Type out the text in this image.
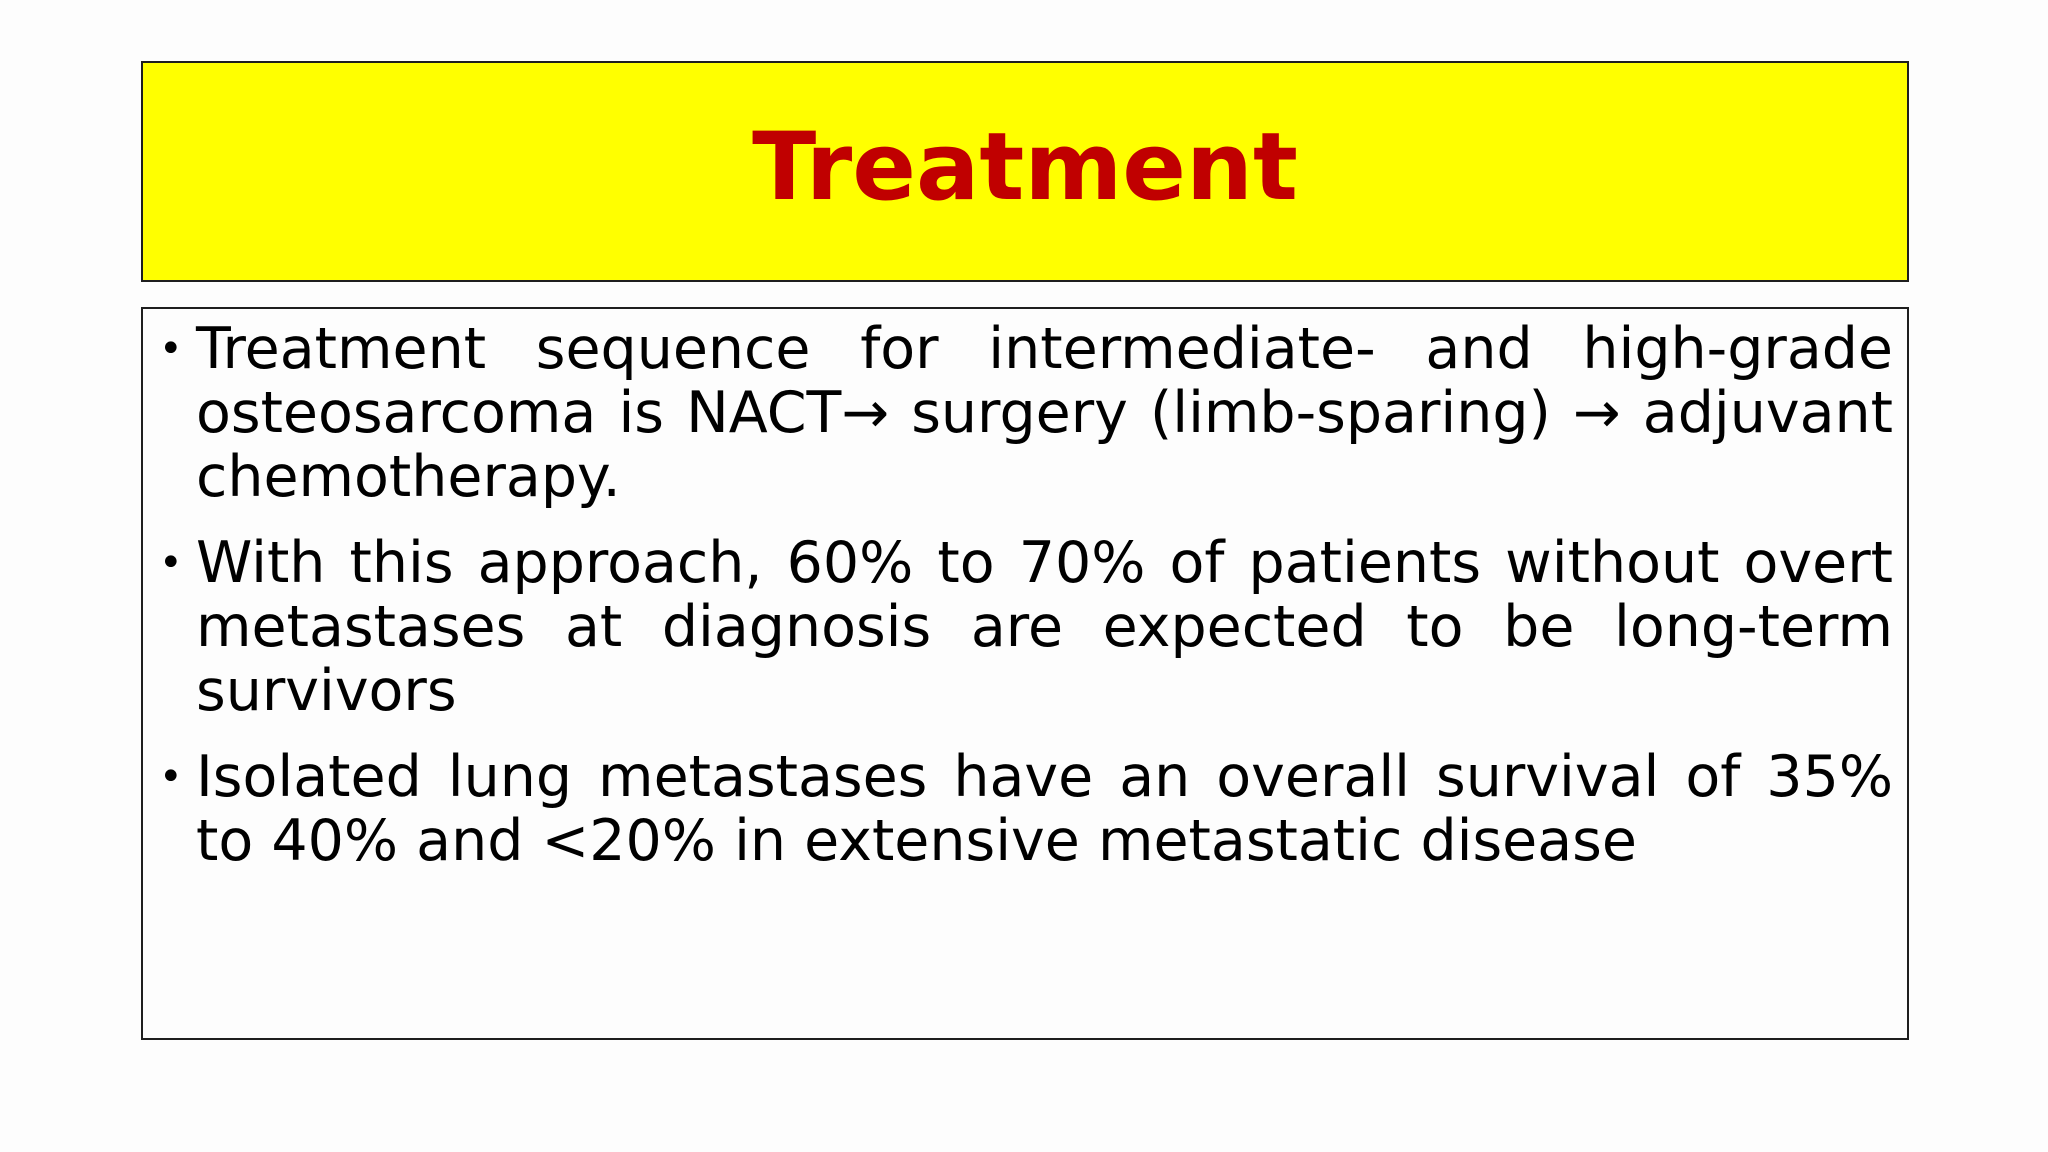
Treatment
• Treatment sequence for intermediate- and high-grade osteosarcoma is NACT→ surgery (limb-sparing) → adjuvant chemotherapy.
• With this approach, 60% to 70% of patients without overt metastases at diagnosis are expected to be long-term survivors
• Isolated lung metastases have an overall survival of 35% to 40% and <20% in extensive metastatic disease
